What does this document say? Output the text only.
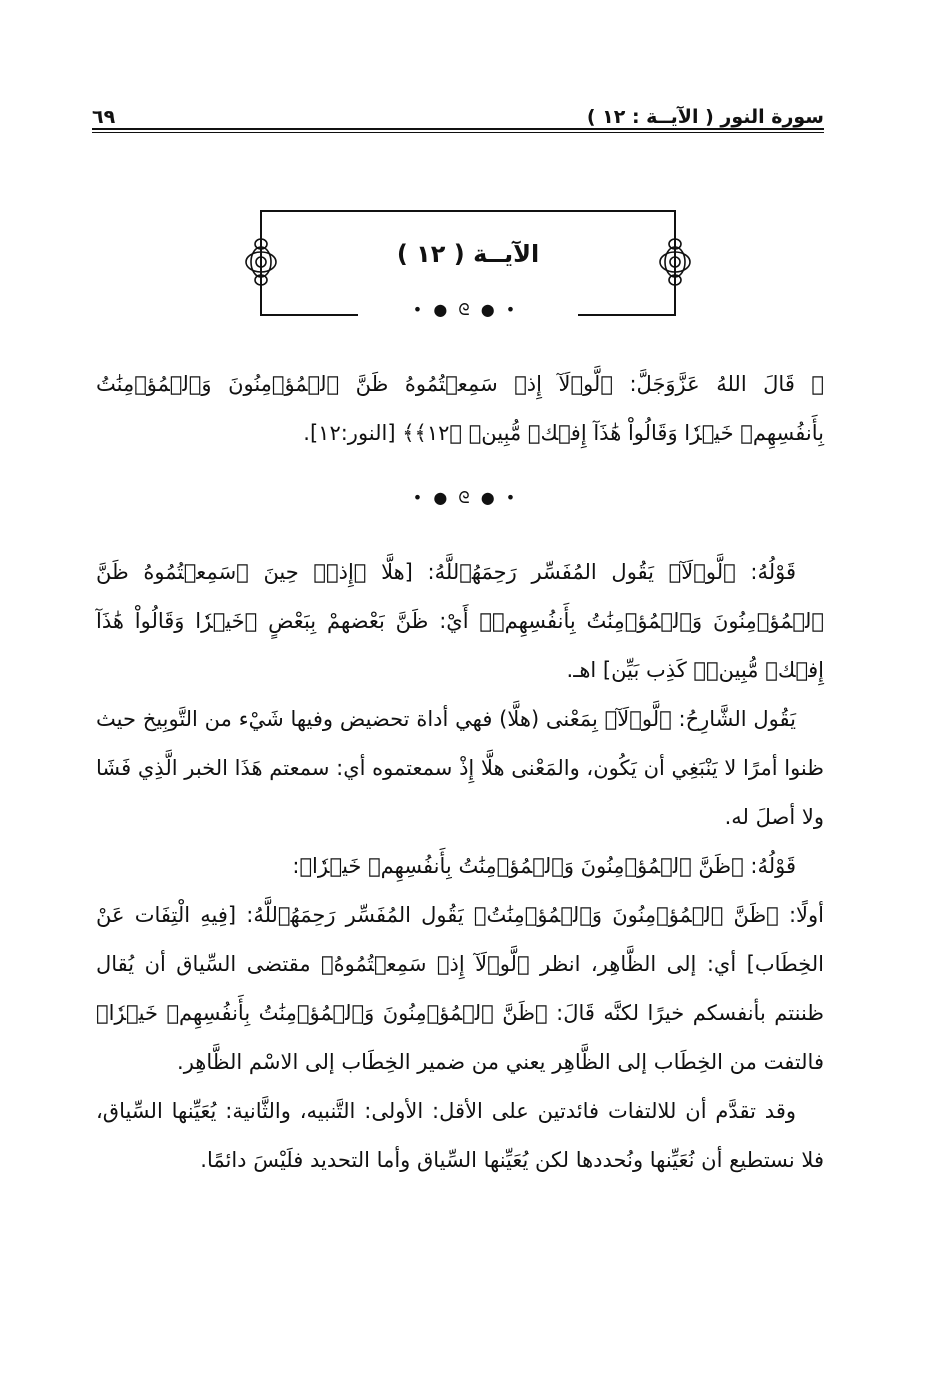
سورة النور ( الآيــة : ١٢ )
٦٩
الآيــة ( ١٢ )
• ● ᘓ ● •

۞ قَالَ اللهُ عَزَّوَجَلَّ: ﴿لَّوۡلَآ إِذۡ سَمِعۡتُمُوهُ ظَنَّ ٱلۡمُؤۡمِنُونَ وَٱلۡمُؤۡمِنَٰتُ بِأَنفُسِهِمۡ خَيۡرٗا وَقَالُواْ هَٰذَآ إِفۡكٞ مُّبِينٞ ﴿١٢﴾﴾ [النور:١٢].

• ● ᘓ ● •

قَوْلُهُ: ﴿لَّوۡلَآ﴾ يَقُول المُفَسِّر رَحِمَهُٱللَّهُ: [هلَّا ﴿إِذۡ﴾ حِينَ ﴿سَمِعۡتُمُوهُ ظَنَّ ٱلۡمُؤۡمِنُونَ وَٱلۡمُؤۡمِنَٰتُ بِأَنفُسِهِمۡ﴾ أَيْ: ظَنَّ بَعْضهمْ بِبَعْضٍ ﴿خَيۡرٗا وَقَالُواْ هَٰذَآ إِفۡكٞ مُّبِينٞ﴾ كَذِب بَيِّن] اهـ.

يَقُول الشَّارِحُ: ﴿لَّوۡلَآ﴾ بِمَعْنى (هلَّا) فهي أداة تحضيض وفيها شَيْء من التَّوبِيخ حيث ظنوا أمرًا لا يَنْبَغِي أن يَكُون، والمَعْنى هلَّا إِذْ سمعتموه أي: سمعتم هَذَا الخبر الَّذِي فَشَا ولا أصلَ له.

قَوْلُهُ: ﴿ظَنَّ ٱلۡمُؤۡمِنُونَ وَٱلۡمُؤۡمِنَٰتُ بِأَنفُسِهِمۡ خَيۡرٗا﴾:

أولًا: ﴿ظَنَّ ٱلۡمُؤۡمِنُونَ وَٱلۡمُؤۡمِنَٰتُ﴾ يَقُول المُفَسِّر رَحِمَهُٱللَّهُ: [فِيهِ الْتِفَات عَنْ الخِطَاب] أي: إلى الظَّاهِر، انظر ﴿لَّوۡلَآ إِذۡ سَمِعۡتُمُوهُ﴾ مقتضى السِّياق أن يُقال ظننتم بأنفسكم خيرًا لكنَّه قَالَ: ﴿ظَنَّ ٱلۡمُؤۡمِنُونَ وَٱلۡمُؤۡمِنَٰتُ بِأَنفُسِهِمۡ خَيۡرٗا﴾ فالتفت من الخِطَاب إلى الظَّاهِر يعني من ضمير الخِطَاب إلى الاسْم الظَّاهِر.

وقد تقدَّم أن للالتفات فائدتين على الأقل: الأولى: التَّنبيه، والثَّانية: يُعَيِّنها السِّياق، فلا نستطيع أن نُعَيِّنها ونُحددها لكن يُعَيِّنها السِّياق وأما التحديد فلَيْسَ دائمًا.
